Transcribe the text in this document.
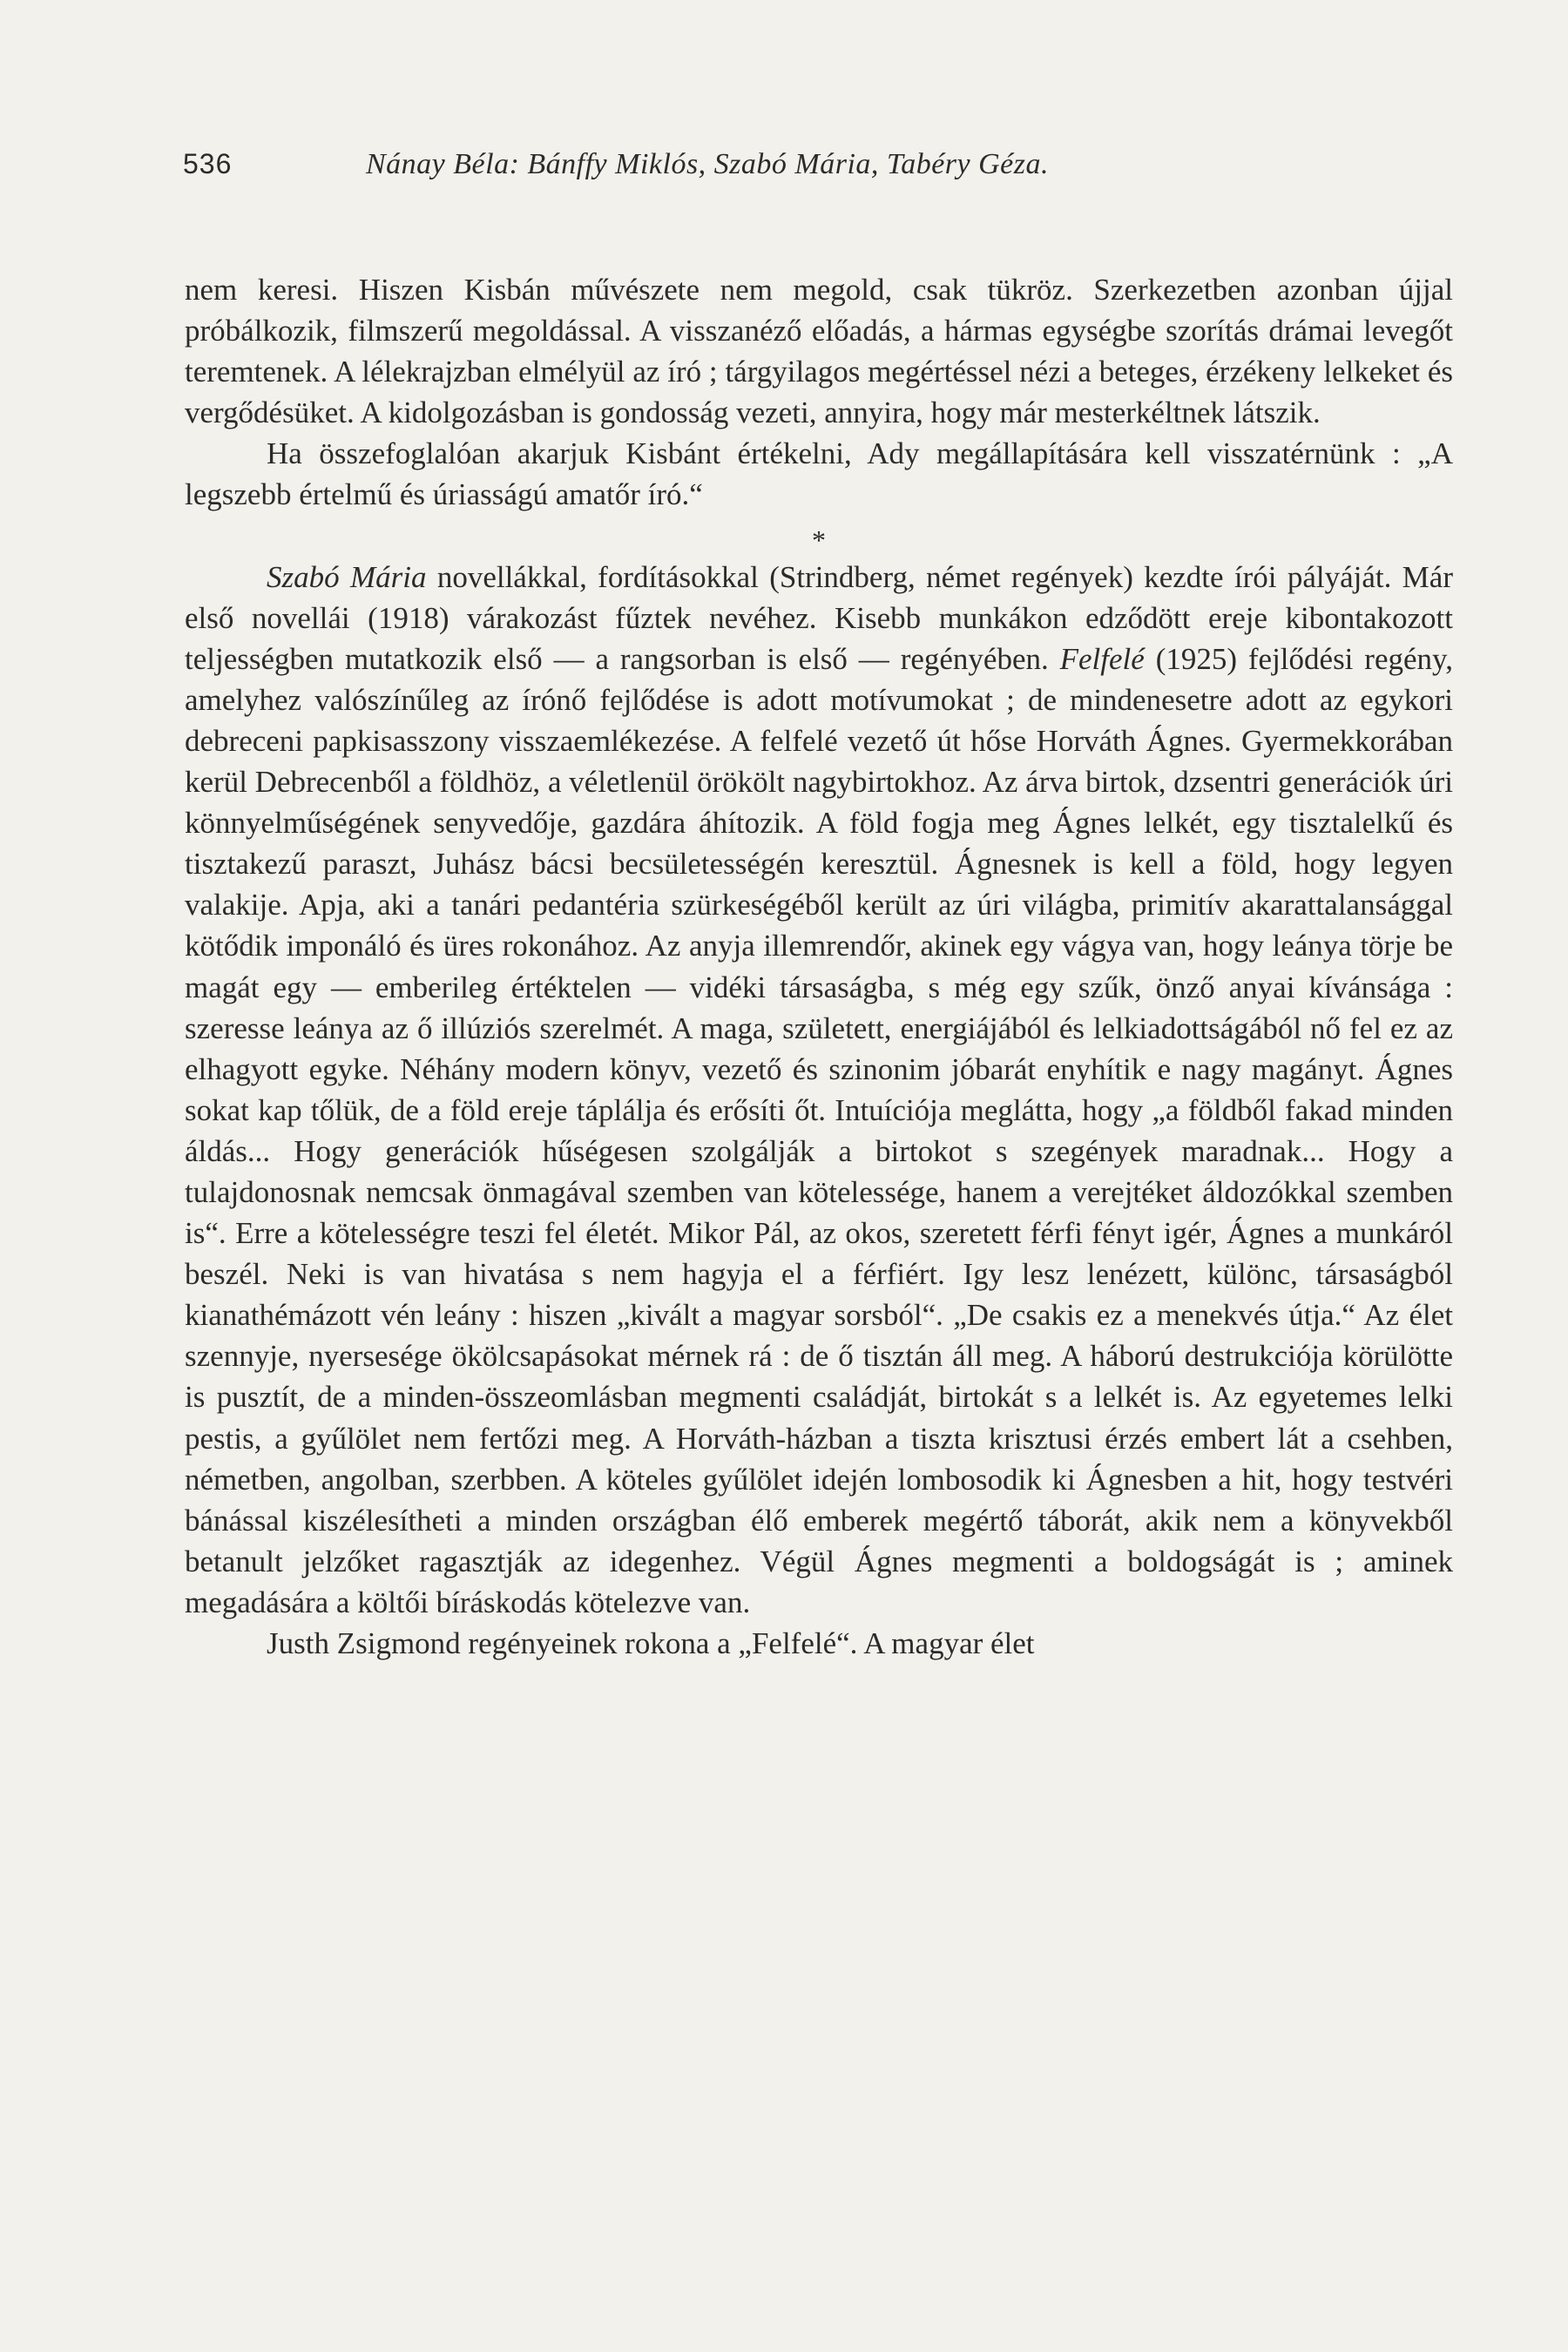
536	Nánay Béla: Bánffy Miklós, Szabó Mária, Tabéry Géza.

nem keresi. Hiszen Kisbán művészete nem megold, csak tükröz. Szerkezetben azonban újjal próbálkozik, filmszerű megoldással. A visszanéző előadás, a hármas egységbe szorítás drámai levegőt teremtenek. A lélekrajzban elmélyül az író ; tárgyilagos megértéssel nézi a beteges, érzékeny lelkeket és vergődésüket. A kidolgozásban is gondosság vezeti, annyira, hogy már mesterkéltnek látszik.

Ha összefoglalóan akarjuk Kisbánt értékelni, Ady megállapítására kell visszatérnünk : „A legszebb értelmű és úriasságú amatőr író.“

*

Szabó Mária novellákkal, fordításokkal (Strindberg, német regények) kezdte írói pályáját. Már első novellái (1918) várakozást fűztek nevéhez. Kisebb munkákon edződött ereje kibontakozott teljességben mutatkozik első — a rangsorban is első — regényében. Felfelé (1925) fejlődési regény, amelyhez valószínűleg az írónő fejlődése is adott motívumokat ; de mindenesetre adott az egykori debreceni papkisasszony visszaemlékezése. A felfelé vezető út hőse Horváth Ágnes. Gyermekkorában kerül Debrecenből a földhöz, a véletlenül örökölt nagybirtokhoz. Az árva birtok, dzsentri generációk úri könnyelműségének senyvedője, gazdára áhítozik. A föld fogja meg Ágnes lelkét, egy tisztalelkű és tisztakezű paraszt, Juhász bácsi becsületességén keresztül. Ágnesnek is kell a föld, hogy legyen valakije. Apja, aki a tanári pedantéria szürkeségéből került az úri világba, primitív akarattalansággal kötődik imponáló és üres rokonához. Az anyja illemrendőr, akinek egy vágya van, hogy leánya törje be magát egy — emberileg értéktelen — vidéki társaságba, s még egy szűk, önző anyai kívánsága : szeresse leánya az ő illúziós szerelmét. A maga, született, energiájából és lelkiadottságából nő fel ez az elhagyott egyke. Néhány modern könyv, vezető és szinonim jóbarát enyhítik e nagy magányt. Ágnes sokat kap tőlük, de a föld ereje táplálja és erősíti őt. Intuíciója meglátta, hogy „a földből fakad minden áldás... Hogy generációk hűségesen szolgálják a birtokot s szegények maradnak... Hogy a tulajdonosnak nemcsak önmagával szemben van kötelessége, hanem a verejtéket áldozókkal szemben is“. Erre a kötelességre teszi fel életét. Mikor Pál, az okos, szeretett férfi fényt igér, Ágnes a munkáról beszél. Neki is van hivatása s nem hagyja el a férfiért. Igy lesz lenézett, különc, társaságból kianathémázott vén leány : hiszen „kivált a magyar sorsból“. „De csakis ez a menekvés útja.“ Az élet szennyje, nyersesége ökölcsapásokat mérnek rá : de ő tisztán áll meg. A háború destrukciója körülötte is pusztít, de a minden-összeomlásban megmenti családját, birtokát s a lelkét is. Az egyetemes lelki pestis, a gyűlölet nem fertőzi meg. A Horváth-házban a tiszta krisztusi érzés embert lát a csehben, németben, angolban, szerbben. A köteles gyűlölet idején lombosodik ki Ágnesben a hit, hogy testvéri bánással kiszélesítheti a minden országban élő emberek megértő táborát, akik nem a könyvekből betanult jelzőket ragasztják az idegenhez. Végül Ágnes megmenti a boldogságát is ; aminek megadására a költői bíráskodás kötelezve van.

Justh Zsigmond regényeinek rokona a „Felfelé“. A magyar élet
